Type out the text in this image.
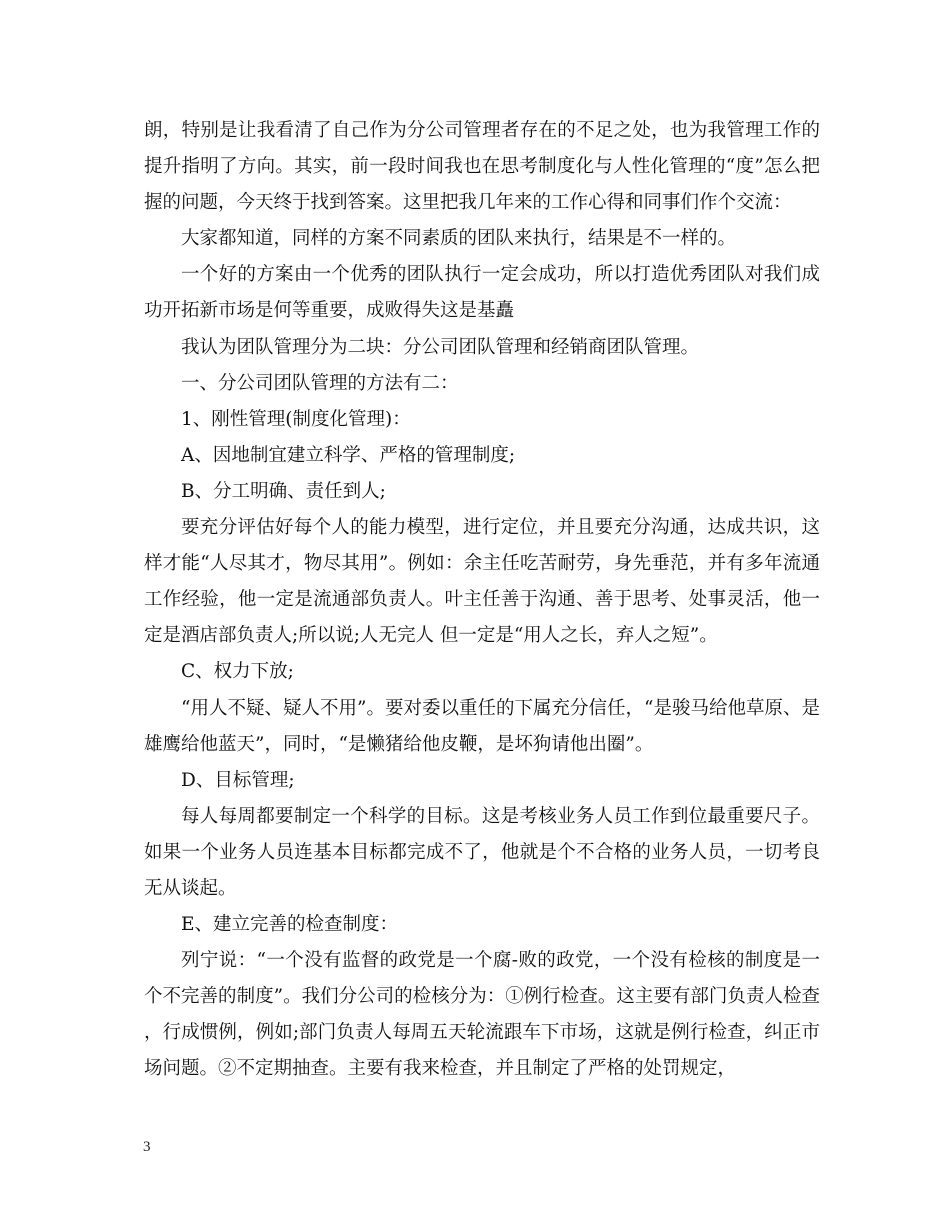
朗，特别是让我看清了自己作为分公司管理者存在的不足之处，也为我管理工作的提升指明了方向。其实，前一段时间我也在思考制度化与人性化管理的“度”怎么把握的问题，今天终于找到答案。这里把我几年来的工作心得和同事们作个交流：

大家都知道，同样的方案不同素质的团队来执行，结果是不一样的。

一个好的方案由一个优秀的团队执行一定会成功，所以打造优秀团队对我们成功开拓新市场是何等重要，成败得失这是基矗

我认为团队管理分为二块：分公司团队管理和经销商团队管理。

一、分公司团队管理的方法有二：

1、刚性管理(制度化管理)：

A、因地制宜建立科学、严格的管理制度;

B、分工明确、责任到人;

要充分评估好每个人的能力模型，进行定位，并且要充分沟通，达成共识，这样才能“人尽其才，物尽其用”。例如：余主任吃苦耐劳，身先垂范，并有多年流通工作经验，他一定是流通部负责人。叶主任善于沟通、善于思考、处事灵活，他一定是酒店部负责人;所以说;人无完人 但一定是“用人之长，弃人之短”。

C、权力下放;

“用人不疑、疑人不用”。要对委以重任的下属充分信任，“是骏马给他草原、是雄鹰给他蓝天”，同时，“是懒猪给他皮鞭，是坏狗请他出圈”。

D、目标管理;

每人每周都要制定一个科学的目标。这是考核业务人员工作到位最重要尺子。如果一个业务人员连基本目标都完成不了，他就是个不合格的业务人员，一切考良无从谈起。

E、建立完善的检查制度：

列宁说：“一个没有监督的政党是一个腐-败的政党，一个没有检核的制度是一个不完善的制度”。我们分公司的检核分为：①例行检查。这主要有部门负责人检查，行成惯例，例如;部门负责人每周五天轮流跟车下市场，这就是例行检查，纠正市场问题。②不定期抽查。主要有我来检查，并且制定了严格的处罚规定，

3
